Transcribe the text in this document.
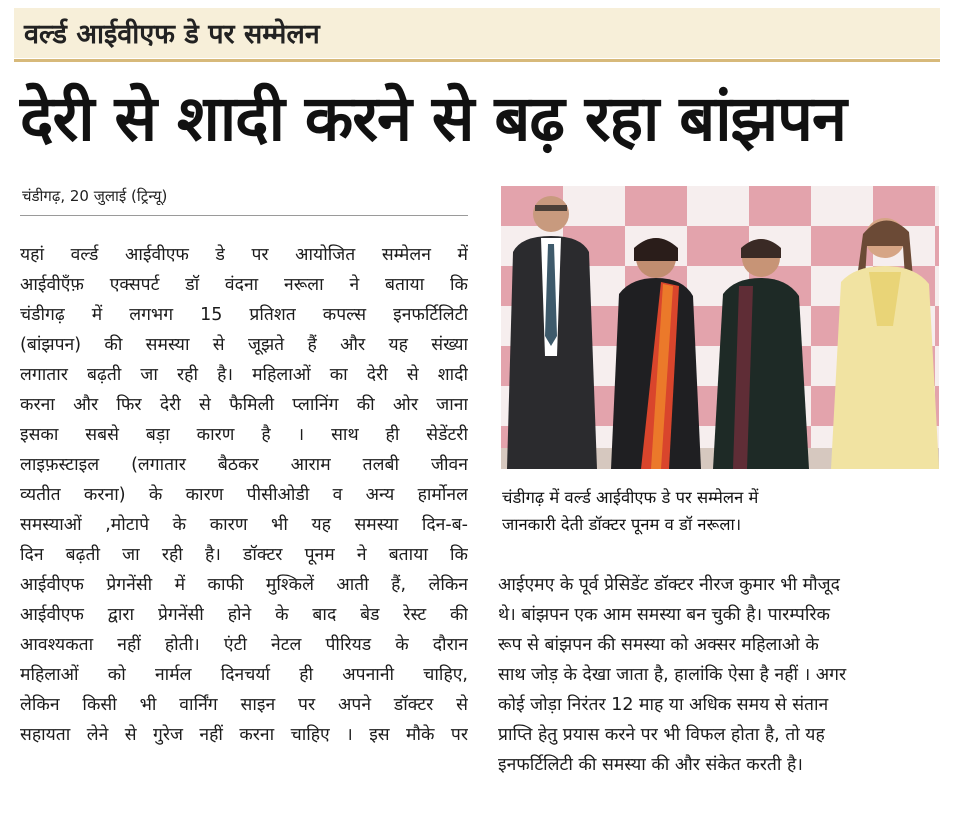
वर्ल्ड आईवीएफ डे पर सम्मेलन
देरी से शादी करने से बढ़ रहा बांझपन
चंडीगढ़, 20 जुलाई (ट्रिन्यू)
यहां वर्ल्ड आईवीएफ डे पर आयोजित सम्मेलन में
आईवीएँफ़ एक्सपर्ट डॉ वंदना नरूला ने बताया कि
चंडीगढ़ में लगभग 15 प्रतिशत कपल्स इनफर्टिलिटी
(बांझपन) की समस्या से जूझते हैं और यह संख्या
लगातार बढ़ती जा रही है। महिलाओं का देरी से शादी
करना और फिर देरी से फैमिली प्लानिंग की ओर जाना
इसका सबसे बड़ा कारण है । साथ ही सेडेंटरी
लाइफ़स्टाइल (लगातार बैठकर आराम तलबी जीवन
व्यतीत करना) के कारण पीसीओडी व अन्य हार्मोनल
समस्याओं ,मोटापे के कारण भी यह समस्या दिन-ब-
दिन बढ़ती जा रही है। डॉक्टर पूनम ने बताया कि
आईवीएफ प्रेगनेंसी में काफी मुश्किलें आती हैं, लेकिन
आईवीएफ द्वारा प्रेगनेंसी होने के बाद बेड रेस्ट की
आवश्यकता नहीं होती। एंटी नेटल पीरियड के दौरान
महिलाओं को नार्मल दिनचर्या ही अपनानी चाहिए,
लेकिन किसी भी वार्निंग साइन पर अपने डॉक्टर से
सहायता लेने से गुरेज नहीं करना चाहिए । इस मौके पर
चंडीगढ़ में वर्ल्ड आईवीएफ डे पर सम्मेलन में
जानकारी देती डॉक्टर पूनम व डॉ नरूला।
आईएमए के पूर्व प्रेसिडेंट डॉक्टर नीरज कुमार भी मौजूद
थे। बांझपन एक आम समस्या बन चुकी है। पारम्परिक
रूप से बांझपन की समस्या को अक्सर महिलाओ के
साथ जोड़ के देखा जाता है, हालांकि ऐसा है नहीं । अगर
कोई जोड़ा निरंतर 12 माह या अधिक समय से संतान
प्राप्ति हेतु प्रयास करने पर भी विफल होता है, तो यह
इनफर्टिलिटी की समस्या की और संकेत करती है।
